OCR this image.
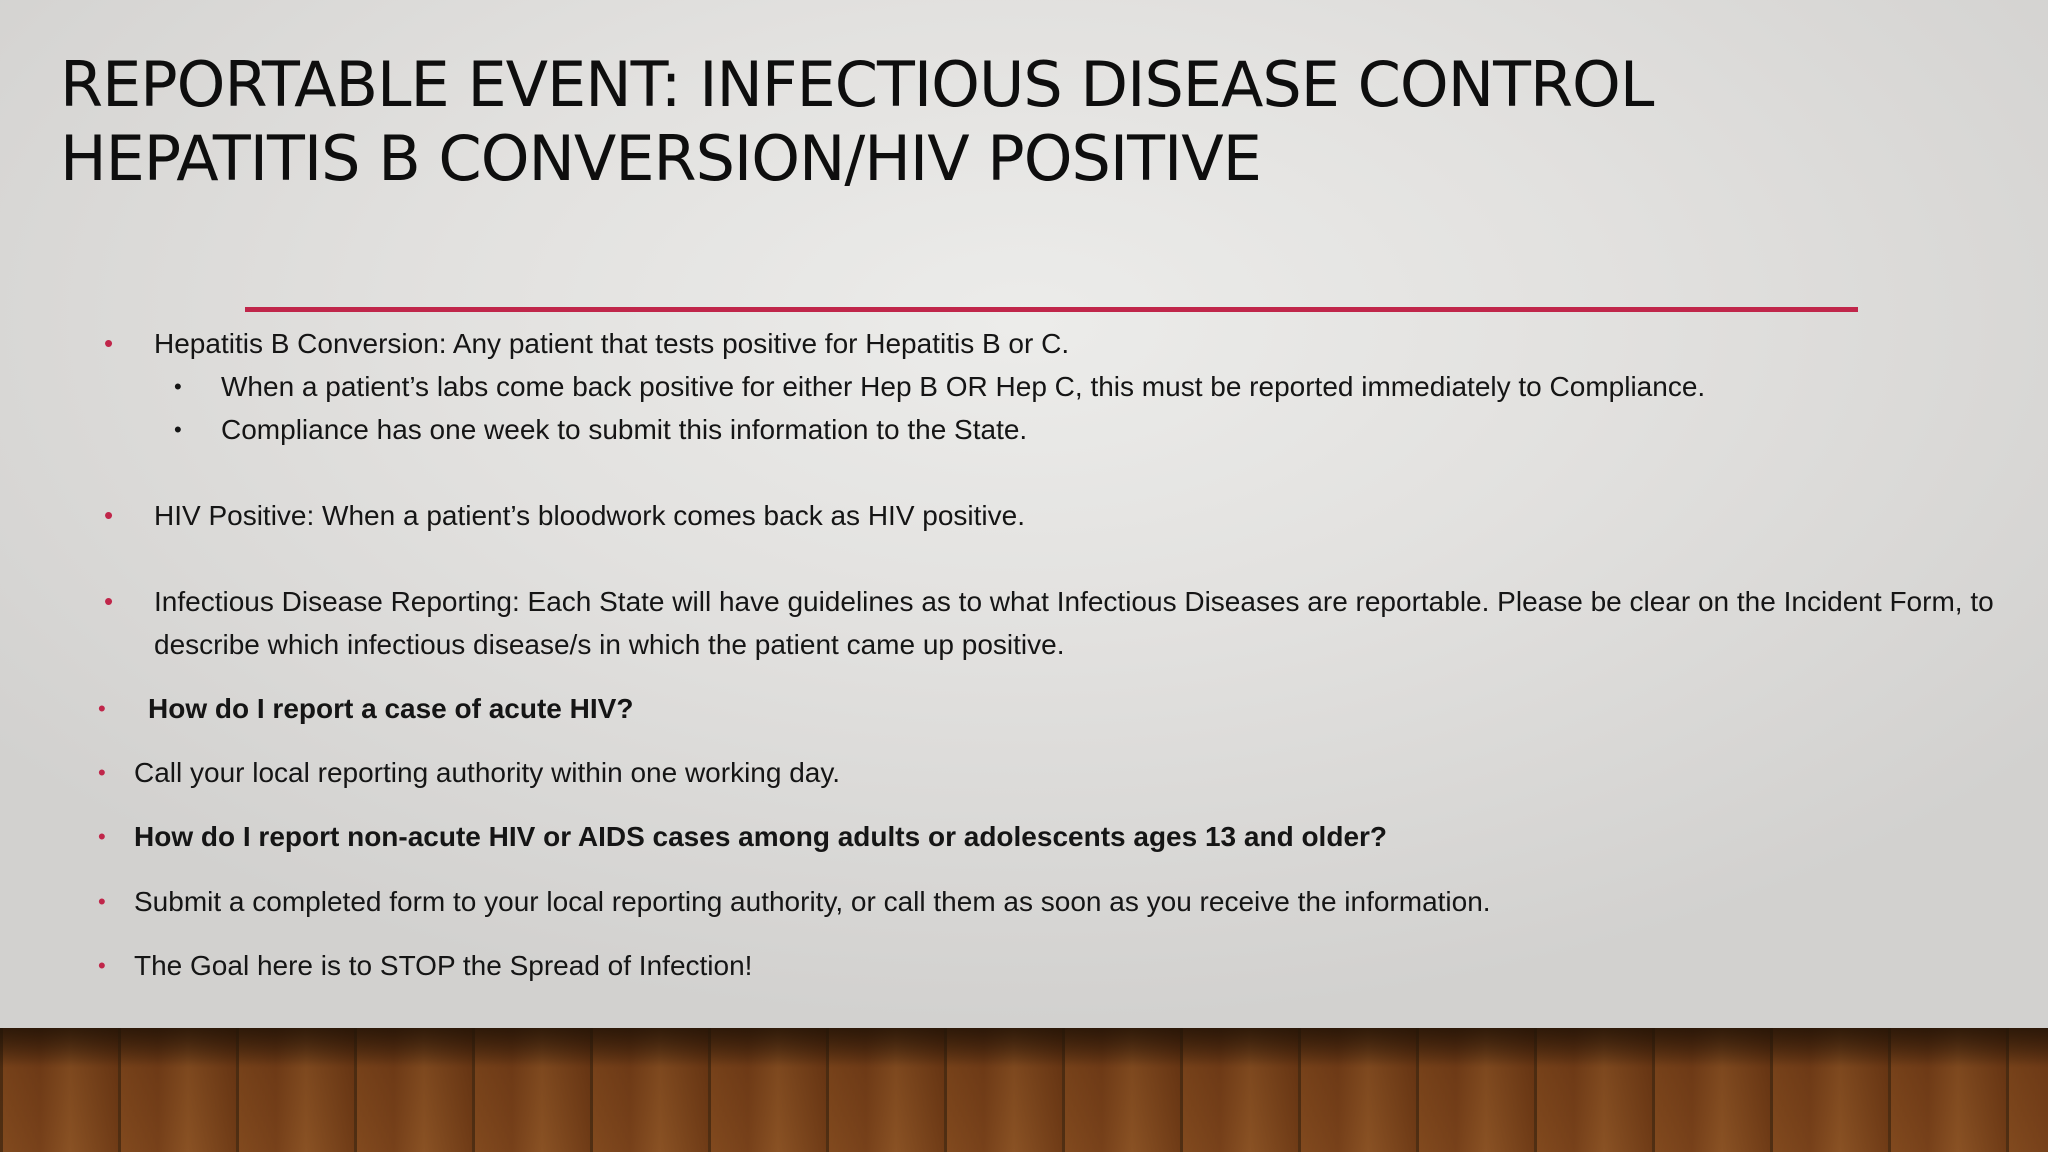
REPORTABLE EVENT: INFECTIOUS DISEASE CONTROL
HEPATITIS B CONVERSION/HIV POSITIVE
• Hepatitis B Conversion: Any patient that tests positive for Hepatitis B or C.
• When a patient’s labs come back positive for either Hep B OR Hep C, this must be reported immediately to Compliance.
• Compliance has one week to submit this information to the State.
• HIV Positive: When a patient’s bloodwork comes back as HIV positive.
• Infectious Disease Reporting: Each State will have guidelines as to what Infectious Diseases are reportable. Please be clear on the Incident Form, to
describe which infectious disease/s in which the patient came up positive.
• How do I report a case of acute HIV?
• Call your local reporting authority within one working day.
• How do I report non-acute HIV or AIDS cases among adults or adolescents ages 13 and older?
• Submit a completed form to your local reporting authority, or call them as soon as you receive the information.
• The Goal here is to STOP the Spread of Infection!
